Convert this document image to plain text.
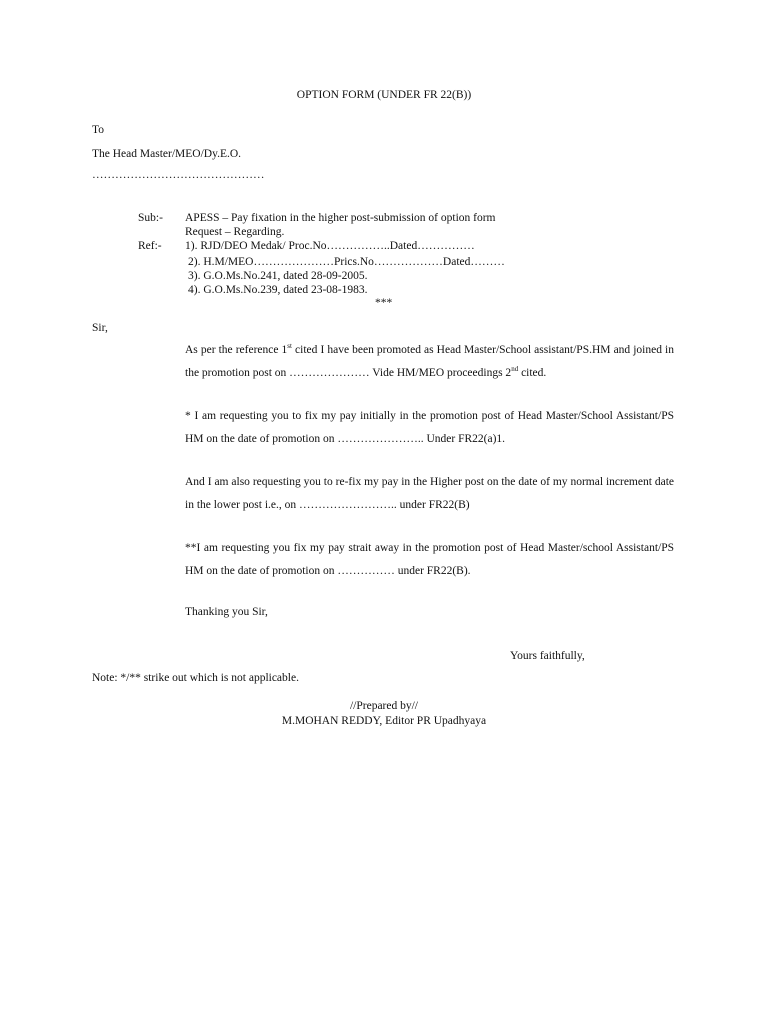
OPTION FORM (UNDER FR 22(B))
To
The Head Master/MEO/Dy.E.O.
………………………………………
Sub:- APESS – Pay fixation in the higher post-submission of option form
Request – Regarding.
Ref:- 1). RJD/DEO Medak/ Proc.No……………..Dated……………
2). H.M/MEO…………………Prics.No………………Dated………
3). G.O.Ms.No.241, dated 28-09-2005.
4). G.O.Ms.No.239, dated 23-08-1983.
***
Sir,
As per the reference 1st cited I have been promoted as Head Master/School assistant/PS.HM and joined in the promotion post on ………………… Vide HM/MEO proceedings 2nd cited.
* I am requesting you to fix my pay initially in the promotion post of Head Master/School Assistant/PS HM on the date of promotion on ………………….. Under FR22(a)1.
And I am also requesting you to re-fix my pay in the Higher post on the date of my normal increment date in the lower post i.e., on …………………….. under FR22(B)
**I am requesting you fix my pay strait away in the promotion post of Head Master/school Assistant/PS HM on the date of promotion on …………… under FR22(B).
Thanking you Sir,
Yours faithfully,
Note: */** strike out which is not applicable.
//Prepared by//
M.MOHAN REDDY, Editor PR Upadhyaya
